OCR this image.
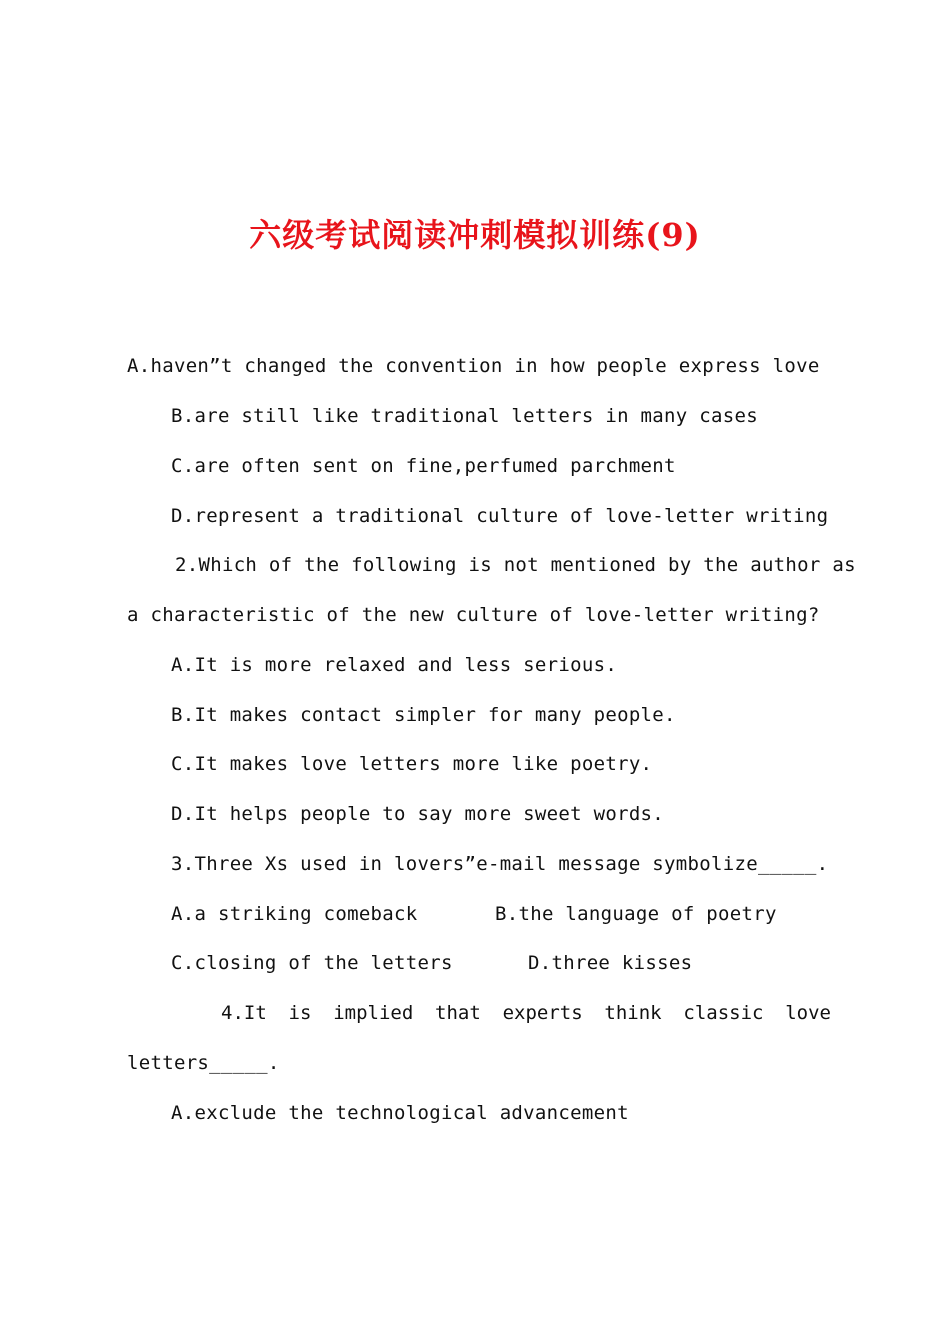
六级考试阅读冲刺模拟训练(9)
A.haven”t changed the convention in how people express love
B.are still like traditional letters in many cases
C.are often sent on fine,perfumed parchment
D.represent a traditional culture of love-letter writing
2.Which of the following is not mentioned by the author as
a characteristic of the new culture of love-letter writing?
A.It is more relaxed and less serious.
B.It makes contact simpler for many people.
C.It makes love letters more like poetry.
D.It helps people to say more sweet words.
3.Three Xs used in lovers”e-mail message symbolize_____.
A.a striking comeback	B.the language of poetry
C.closing of the letters	D.three kisses
4.It is implied that experts think classic love
letters_____.
A.exclude the technological advancement
